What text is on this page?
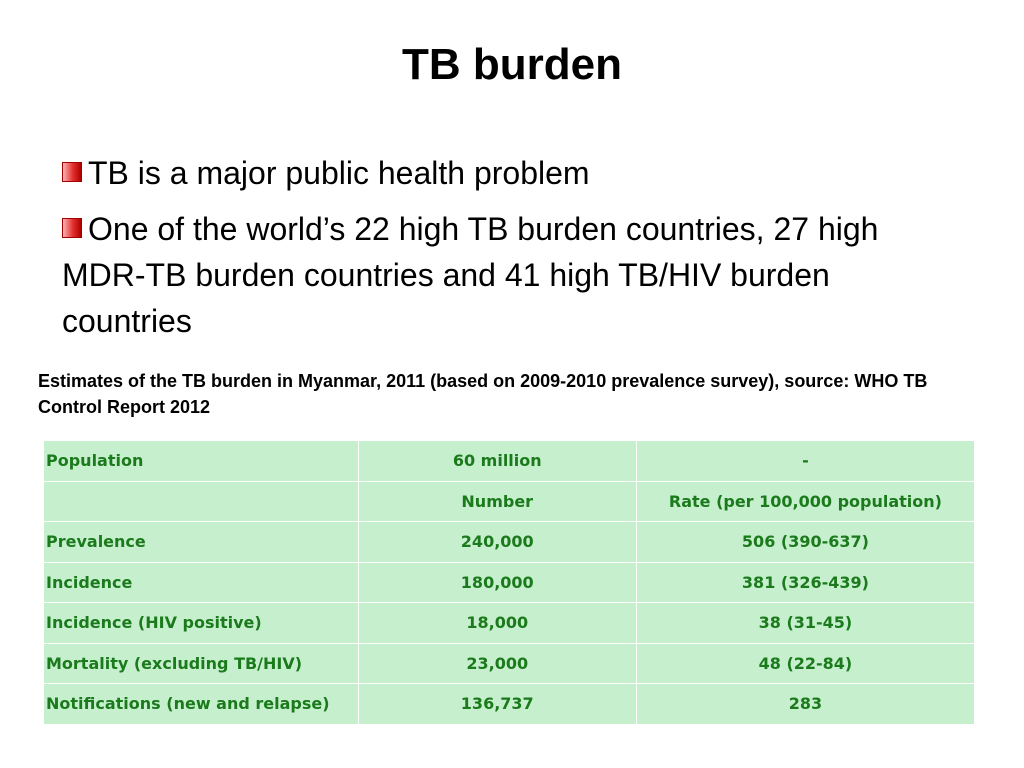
TB burden
TB is a major public health problem
One of the world’s 22 high TB burden countries, 27 high MDR-TB burden countries and 41 high TB/HIV burden countries
Estimates of the TB burden in Myanmar, 2011 (based on 2009-2010 prevalence survey), source: WHO TB Control Report 2012
Population	60 million	-
	Number	Rate (per 100,000 population)
Prevalence	240,000	506 (390-637)
Incidence	180,000	381 (326-439)
Incidence (HIV positive)	18,000	38 (31-45)
Mortality (excluding TB/HIV)	23,000	48 (22-84)
Notifications (new and relapse)	136,737	283
